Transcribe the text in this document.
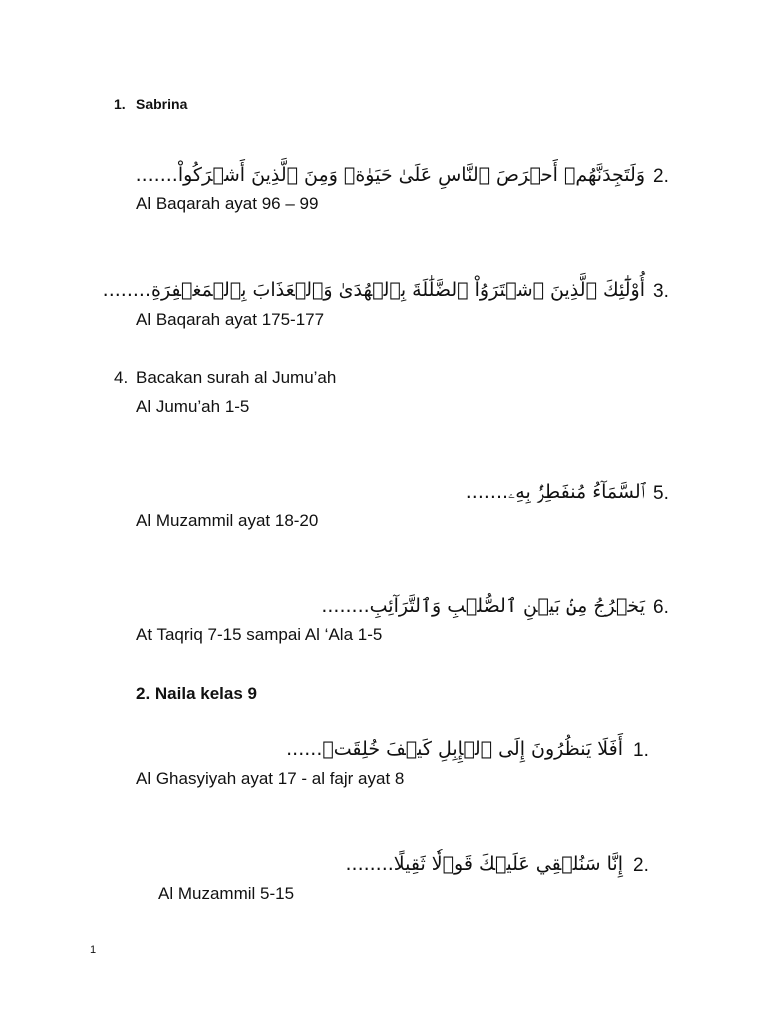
1. Sabrina
وَلَتَجِدَنَّهُمۡ أَحۡرَصَ ٱلنَّاسِ عَلَىٰ حَيَوٰةٖ وَمِنَ ٱلَّذِينَ أَشۡرَكُواْ....... 2.
Al Baqarah ayat 96 – 99
أُوْلَٰٓئِكَ ٱلَّذِينَ ٱشۡتَرَوُاْ ٱلضَّلَٰلَةَ بِٱلۡهُدَىٰ وَٱلۡعَذَابَ بِٱلۡمَغۡفِرَةِ........ 3.
Al Baqarah ayat 175-177
4. Bacakan surah al Jumu’ah
Al Jumu’ah 1-5
ٱلسَّمَآءُ مُنفَطِرُۢ بِهِۦ....... 5.
Al Muzammil ayat 18-20
يَخۡرُجُ مِنۢ بَيۡنِ ٱلصُّلۡبِ وَٱلتَّرَآئِبِ........ 6.
At Taqriq 7-15 sampai Al ‘Ala 1-5
2. Naila kelas 9
أَفَلَا يَنظُرُونَ إِلَى ٱلۡإِبِلِ كَيۡفَ خُلِقَتۡ...... 1.
Al Ghasyiyah ayat 17 - al fajr ayat 8
إِنَّا سَنُلۡقِي عَلَيۡكَ قَوۡلٗا ثَقِيلًا........ 2.
Al Muzammil 5-15
1
